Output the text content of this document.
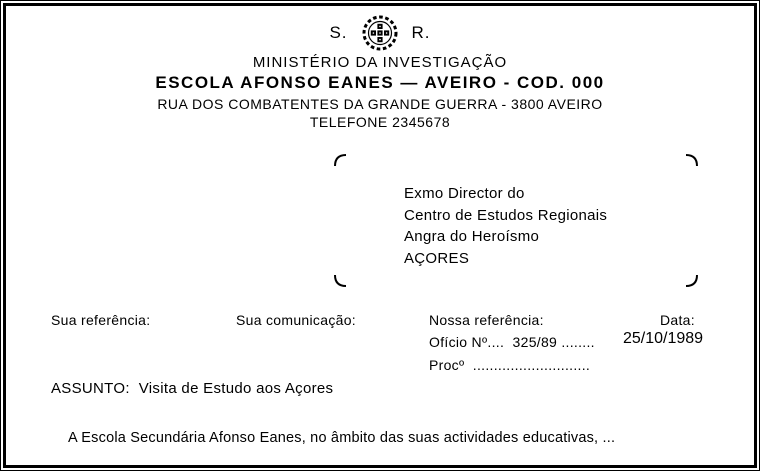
S.	R.
MINISTÉRIO DA INVESTIGAÇÃO
ESCOLA AFONSO EANES — AVEIRO - COD. 000
RUA DOS COMBATENTES DA GRANDE GUERRA - 3800 AVEIRO
TELEFONE 2345678
Exmo Director do
Centro de Estudos Regionais
Angra do Heroísmo
AÇORES
Sua referência:	Sua comunicação:	Nossa referência:
Ofício Nº....  325/89 ........
Procº  ............................
Data:
25/10/1989
ASSUNTO: Visita de Estudo aos Açores
A Escola Secundária Afonso Eanes, no âmbito das suas actividades educativas, ...
